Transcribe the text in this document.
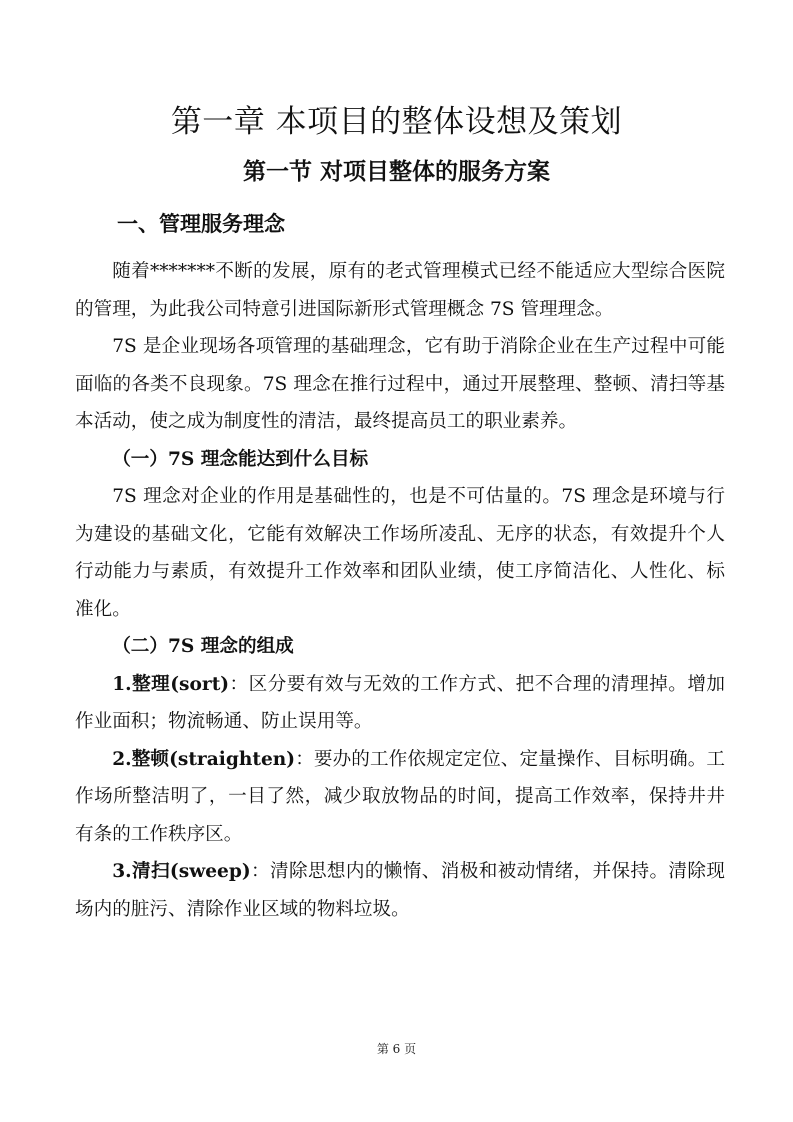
第一章 本项目的整体设想及策划
第一节 对项目整体的服务方案
一、管理服务理念

随着*******不断的发展，原有的老式管理模式已经不能适应大型综合医院的管理，为此我公司特意引进国际新形式管理概念 7S 管理理念。

7S 是企业现场各项管理的基础理念，它有助于消除企业在生产过程中可能面临的各类不良现象。7S 理念在推行过程中，通过开展整理、整顿、清扫等基本活动，使之成为制度性的清洁，最终提高员工的职业素养。

（一）7S 理念能达到什么目标

7S 理念对企业的作用是基础性的，也是不可估量的。7S 理念是环境与行为建设的基础文化，它能有效解决工作场所凌乱、无序的状态，有效提升个人行动能力与素质，有效提升工作效率和团队业绩，使工序简洁化、人性化、标准化。

（二）7S 理念的组成

1.整理(sort)：区分要有效与无效的工作方式、把不合理的清理掉。增加作业面积；物流畅通、防止误用等。

2.整顿(straighten)：要办的工作依规定定位、定量操作、目标明确。工作场所整洁明了，一目了然，减少取放物品的时间，提高工作效率，保持井井有条的工作秩序区。

3.清扫(sweep)：清除思想内的懒惰、消极和被动情绪，并保持。清除现场内的脏污、清除作业区域的物料垃圾。

第 6 页
